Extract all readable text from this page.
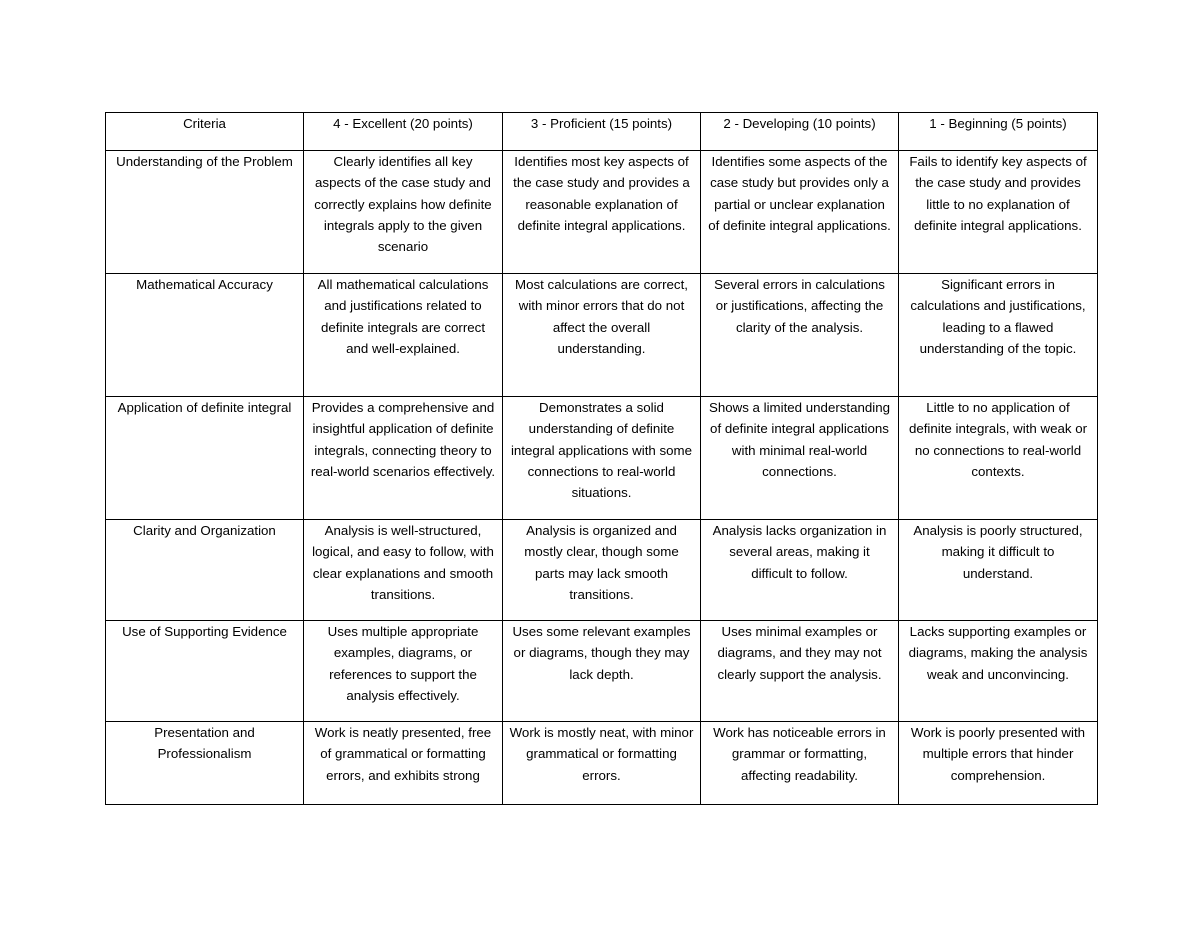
Criteria	4 - Excellent (20 points)	3 - Proficient (15 points)	2 - Developing (10 points)	1 - Beginning (5 points)
Understanding of the Problem	Clearly identifies all key aspects of the case study and correctly explains how definite integrals apply to the given scenario	Identifies most key aspects of the case study and provides a reasonable explanation of definite integral applications.	Identifies some aspects of the case study but provides only a partial or unclear explanation of definite integral applications.	Fails to identify key aspects of the case study and provides little to no explanation of definite integral applications.
Mathematical Accuracy	All mathematical calculations and justifications related to definite integrals are correct and well-explained.	Most calculations are correct, with minor errors that do not affect the overall understanding.	Several errors in calculations or justifications, affecting the clarity of the analysis.	Significant errors in calculations and justifications, leading to a flawed understanding of the topic.
Application of definite integral	Provides a comprehensive and insightful application of definite integrals, connecting theory to real-world scenarios effectively.	Demonstrates a solid understanding of definite integral applications with some connections to real-world situations.	Shows a limited understanding of definite integral applications with minimal real-world connections.	Little to no application of definite integrals, with weak or no connections to real-world contexts.
Clarity and Organization	Analysis is well-structured, logical, and easy to follow, with clear explanations and smooth transitions.	Analysis is organized and mostly clear, though some parts may lack smooth transitions.	Analysis lacks organization in several areas, making it difficult to follow.	Analysis is poorly structured, making it difficult to understand.
Use of Supporting Evidence	Uses multiple appropriate examples, diagrams, or references to support the analysis effectively.	Uses some relevant examples or diagrams, though they may lack depth.	Uses minimal examples or diagrams, and they may not clearly support the analysis.	Lacks supporting examples or diagrams, making the analysis weak and unconvincing.
Presentation and Professionalism	Work is neatly presented, free of grammatical or formatting errors, and exhibits strong	Work is mostly neat, with minor grammatical or formatting errors.	Work has noticeable errors in grammar or formatting, affecting readability.	Work is poorly presented with multiple errors that hinder comprehension.
